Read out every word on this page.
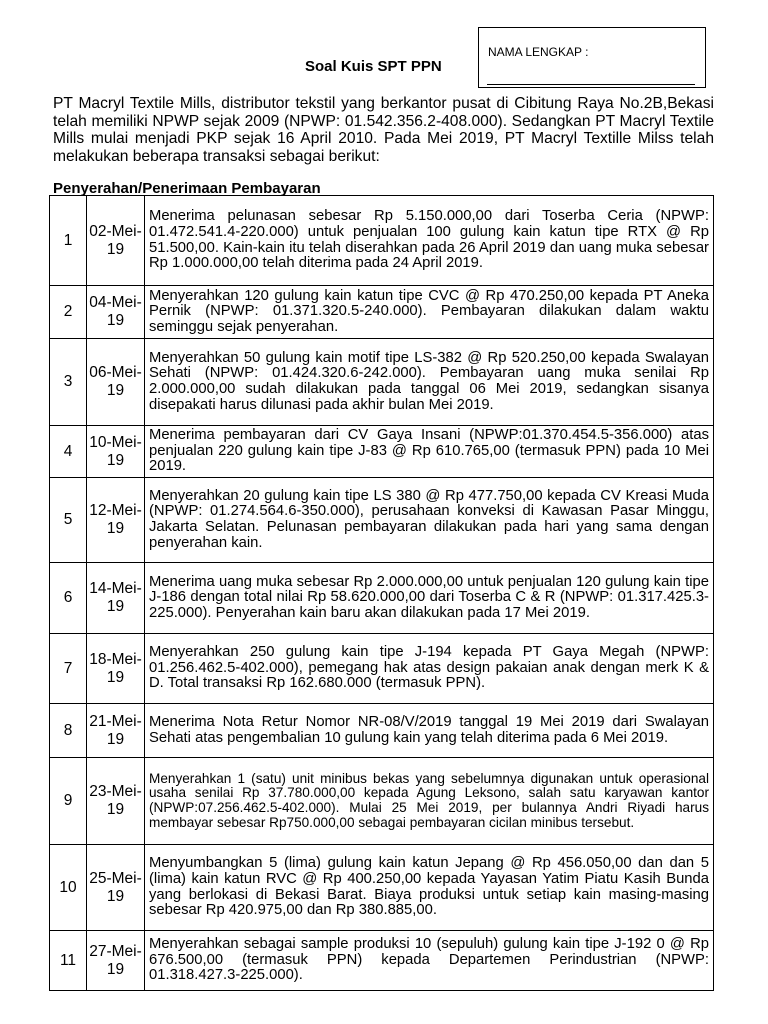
Soal Kuis SPT PPN
NAMA LENGKAP :

PT Macryl Textile Mills, distributor tekstil yang berkantor pusat di Cibitung Raya No.2B,Bekasi telah memiliki NPWP sejak 2009 (NPWP: 01.542.356.2-408.000). Sedangkan PT Macryl Textile Mills mulai menjadi PKP sejak 16 April 2010. Pada Mei 2019, PT Macryl Textille Milss telah melakukan beberapa transaksi sebagai berikut:

Penyerahan/Penerimaan Pembayaran
1	02-Mei-19	Menerima pelunasan sebesar Rp 5.150.000,00 dari Toserba Ceria (NPWP: 01.472.541.4-220.000) untuk penjualan 100 gulung kain katun tipe RTX @ Rp 51.500,00. Kain-kain itu telah diserahkan pada 26 April 2019 dan uang muka sebesar Rp 1.000.000,00 telah diterima pada 24 April 2019.
2	04-Mei-19	Menyerahkan 120 gulung kain katun tipe CVC @ Rp 470.250,00 kepada PT Aneka Pernik (NPWP: 01.371.320.5-240.000). Pembayaran dilakukan dalam waktu seminggu sejak penyerahan.
3	06-Mei-19	Menyerahkan 50 gulung kain motif tipe LS-382 @ Rp 520.250,00 kepada Swalayan Sehati (NPWP: 01.424.320.6-242.000). Pembayaran uang muka senilai Rp 2.000.000,00 sudah dilakukan pada tanggal 06 Mei 2019, sedangkan sisanya disepakati harus dilunasi pada akhir bulan Mei 2019.
4	10-Mei-19	Menerima pembayaran dari CV Gaya Insani (NPWP:01.370.454.5-356.000) atas penjualan 220 gulung kain tipe J-83 @ Rp 610.765,00 (termasuk PPN) pada 10 Mei 2019.
5	12-Mei-19	Menyerahkan 20 gulung kain tipe LS 380 @ Rp 477.750,00 kepada CV Kreasi Muda (NPWP: 01.274.564.6-350.000), perusahaan konveksi di Kawasan Pasar Minggu, Jakarta Selatan. Pelunasan pembayaran dilakukan pada hari yang sama dengan penyerahan kain.
6	14-Mei-19	Menerima uang muka sebesar Rp 2.000.000,00 untuk penjualan 120 gulung kain tipe J-186 dengan total nilai Rp 58.620.000,00 dari Toserba C & R (NPWP: 01.317.425.3-225.000). Penyerahan kain baru akan dilakukan pada 17 Mei 2019.
7	18-Mei-19	Menyerahkan 250 gulung kain tipe J-194 kepada PT Gaya Megah (NPWP: 01.256.462.5-402.000), pemegang hak atas design pakaian anak dengan merk K & D. Total transaksi Rp 162.680.000 (termasuk PPN).
8	21-Mei-19	Menerima Nota Retur Nomor NR-08/V/2019 tanggal 19 Mei 2019 dari Swalayan Sehati atas pengembalian 10 gulung kain yang telah diterima pada 6 Mei 2019.
9	23-Mei-19	Menyerahkan 1 (satu) unit minibus bekas yang sebelumnya digunakan untuk operasional usaha senilai Rp 37.780.000,00 kepada Agung Leksono, salah satu karyawan kantor (NPWP:07.256.462.5-402.000). Mulai 25 Mei 2019, per bulannya Andri Riyadi harus membayar sebesar Rp750.000,00 sebagai pembayaran cicilan minibus tersebut.
10	25-Mei-19	Menyumbangkan 5 (lima) gulung kain katun Jepang @ Rp 456.050,00 dan dan 5 (lima) kain katun RVC @ Rp 400.250,00 kepada Yayasan Yatim Piatu Kasih Bunda yang berlokasi di Bekasi Barat. Biaya produksi untuk setiap kain masing-masing sebesar Rp 420.975,00 dan Rp 380.885,00.
11	27-Mei-19	Menyerahkan sebagai sample produksi 10 (sepuluh) gulung kain tipe J-192 0 @ Rp 676.500,00 (termasuk PPN) kepada Departemen Perindustrian (NPWP: 01.318.427.3-225.000).
